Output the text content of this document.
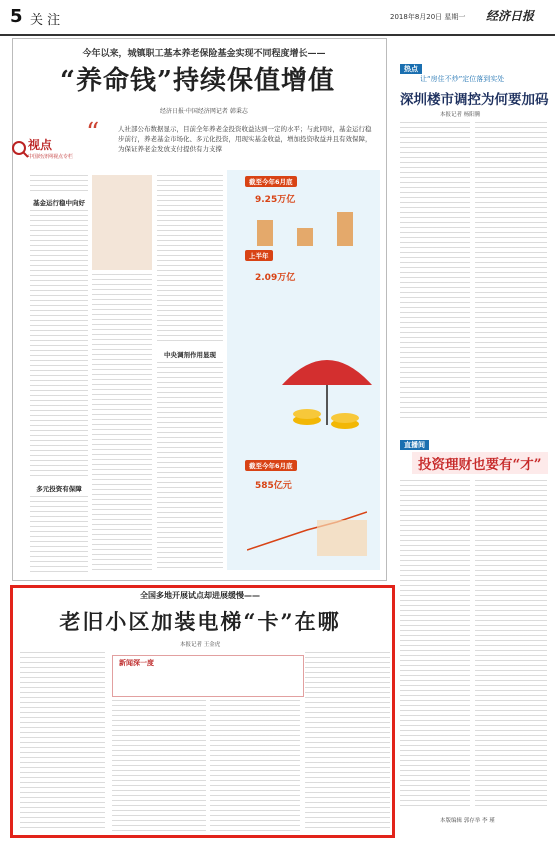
5 关 注	2018年8月20日 星期一 经济日报
今年以来，城镇职工基本养老保险基金实现不同程度增长——
“养命钱”持续保值增值
经济日报·中国经济网记者 韩秉志
视点
中国经济网视点专栏
“	人社部公布数据显示，目前全年养老金投资收益达到一定的水平；与此同时，基金运行稳步前行，养老基金市场化、多元化投资，用现实基金收益，增加投资收益并且有效保障，为保证养老金发放支付提供有力支撑
基金运行稳中向好
多元投资有保障
中央调剂作用显现
截至今年6月底
9.25万亿
上半年
2.09万亿
截至今年6月底
585亿元
全国多地开展试点却进展缓慢——
老旧小区加装电梯“卡”在哪
本报记者 王金虎
新闻深一度
热点
让“房住不炒”定位落到实处
深圳楼市调控为何要加码
本报记者 杨阳腾
直播间
投资理财也要有“才”
本版编辑 郭存举 李 瑾
